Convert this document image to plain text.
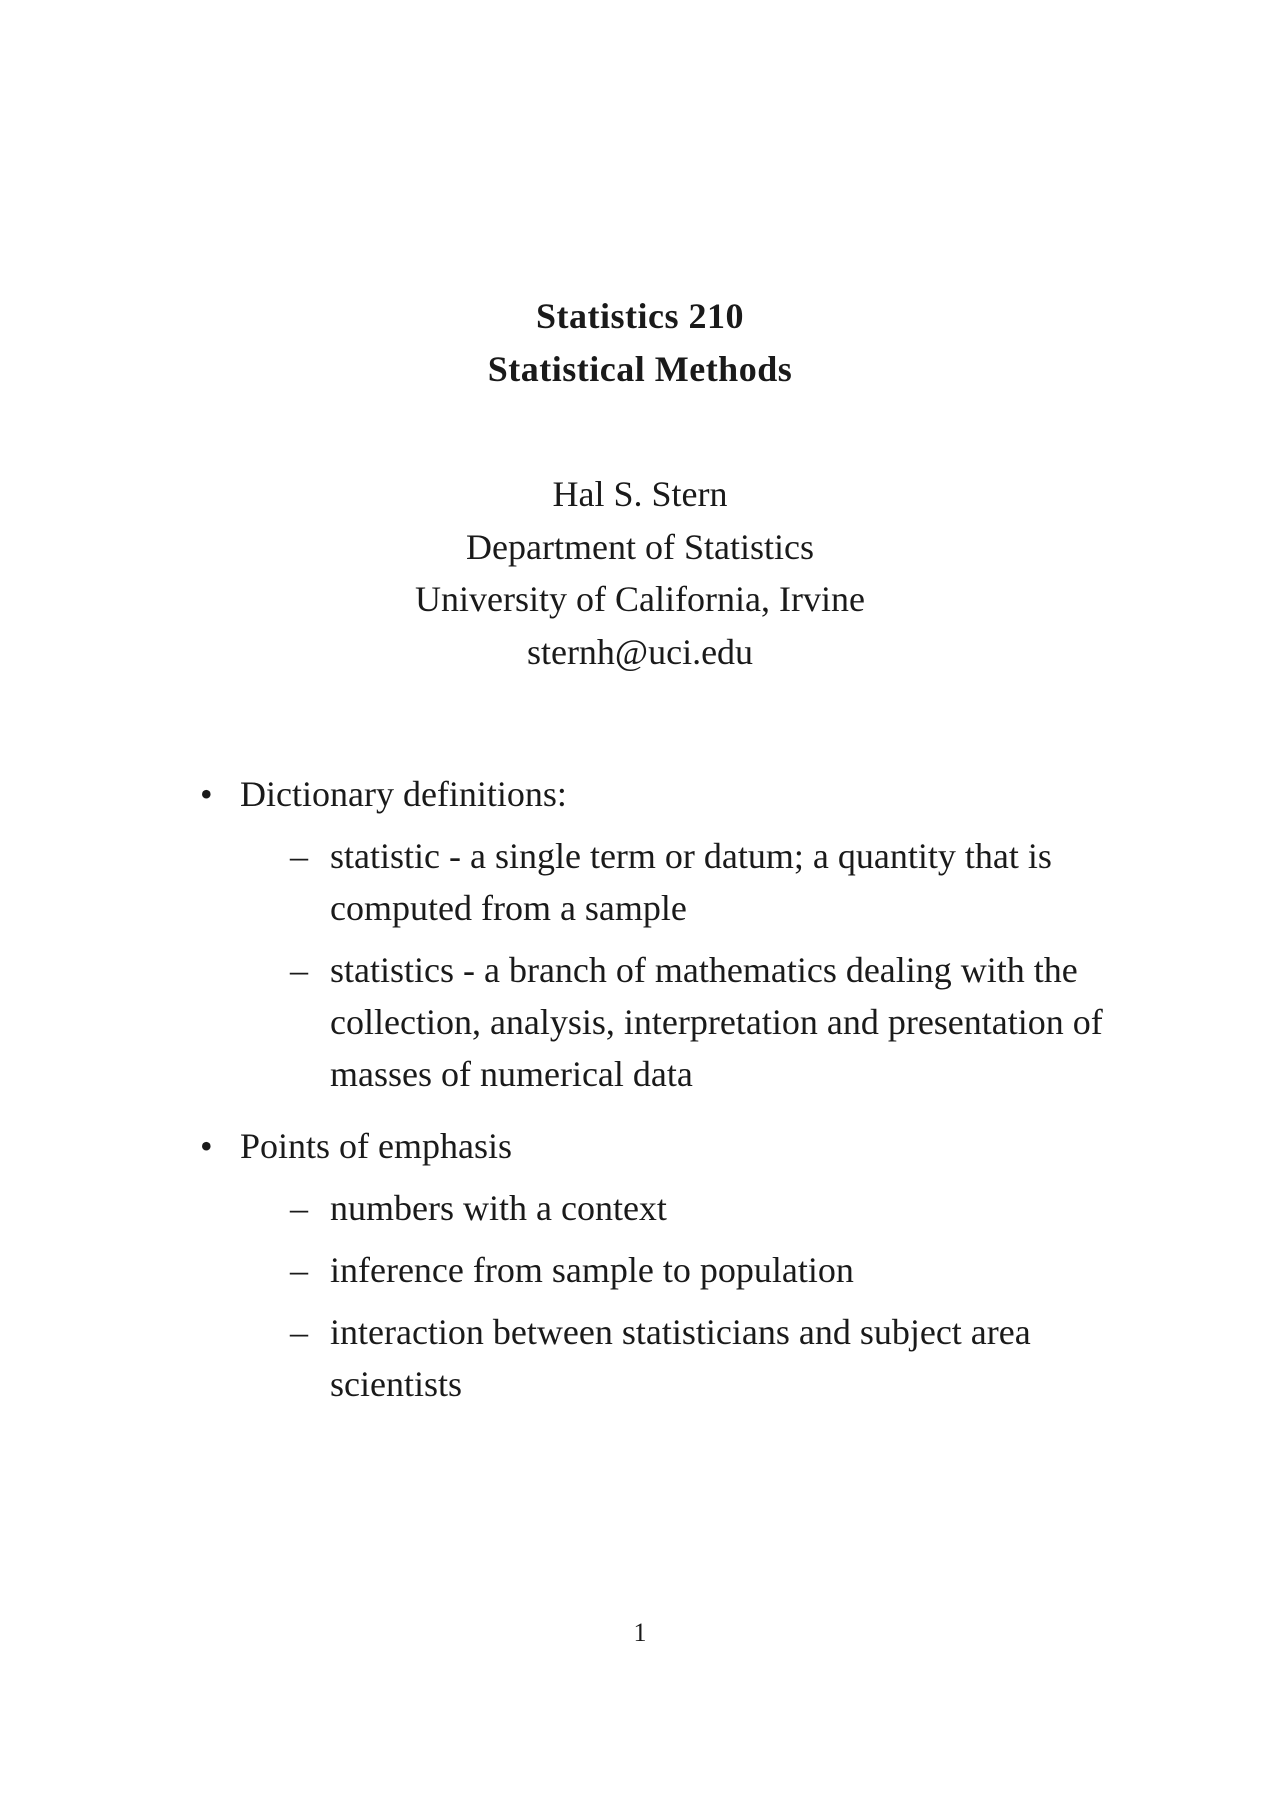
Statistics 210
Statistical Methods
Hal S. Stern
Department of Statistics
University of California, Irvine
sternh@uci.edu
• Dictionary definitions:
– statistic - a single term or datum; a quantity that is computed from a sample
– statistics - a branch of mathematics dealing with the collection, analysis, interpretation and presentation of masses of numerical data
• Points of emphasis
– numbers with a context
– inference from sample to population
– interaction between statisticians and subject area scientists
1
